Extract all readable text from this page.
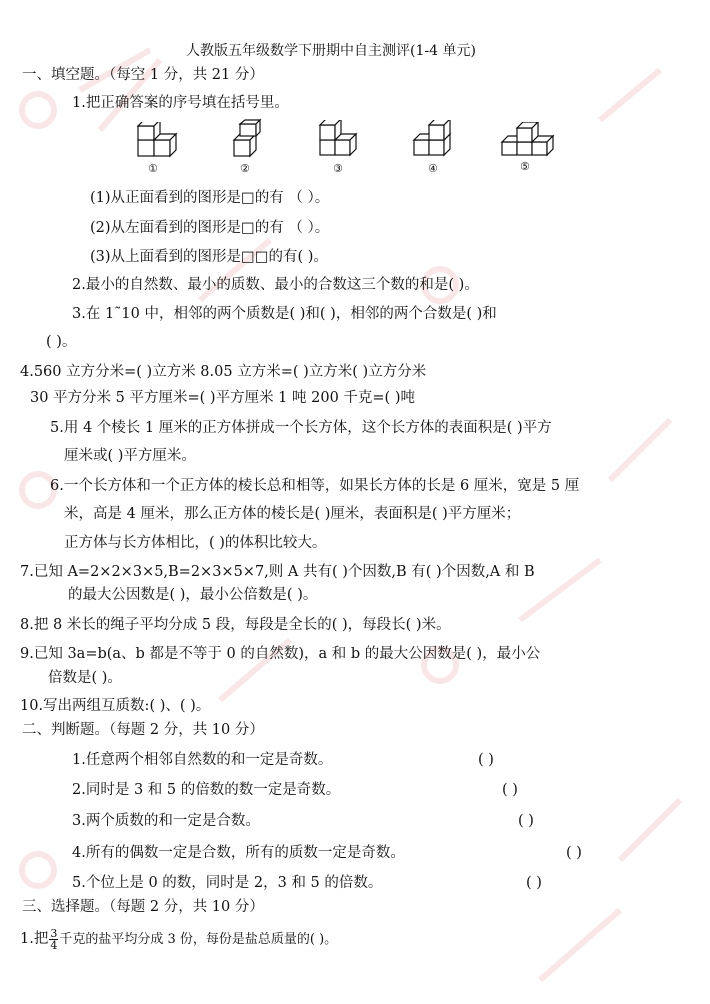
人教版五年级数学下册期中自主测评(1-4 单元)
一、填空题。（每空 1 分，共 21 分）
1.把正确答案的序号填在括号里。
①	②	③	④	⑤
(1)从正面看到的图形是□的有 （ ）。
(2)从左面看到的图形是□的有 （ ）。
(3)从上面看到的图形是□□的有( )。
2.最小的自然数、最小的质数、最小的合数这三个数的和是( )。
3.在 1˜10 中，相邻的两个质数是( )和( )，相邻的两个合数是( )和
( )。
4.560 立方分米=( )立方米 8.05 立方米=( )立方米( )立方分米
30 平方分米 5 平方厘米=( )平方厘米 1 吨 200 千克=( )吨
5.用 4 个棱长 1 厘米的正方体拼成一个长方体，这个长方体的表面积是( )平方
厘米或( )平方厘米。
6.一个长方体和一个正方体的棱长总和相等，如果长方体的长是 6 厘米，宽是 5 厘
米，高是 4 厘米，那么正方体的棱长是( )厘米，表面积是( )平方厘米；
正方体与长方体相比，( )的体积比较大。
7.已知 A=2×2×3×5,B=2×3×5×7,则 A 共有( )个因数,B 有( )个因数,A 和 B
的最大公因数是( )，最小公倍数是( )。
8.把 8 米长的绳子平均分成 5 段，每段是全长的( )，每段长( )米。
9.已知 3a=b(a、b 都是不等于 0 的自然数)，a 和 b 的最大公因数是( )，最小公
倍数是( )。
10.写出两组互质数:( )、( )。
二、判断题。（每题 2 分，共 10 分）
1.任意两个相邻自然数的和一定是奇数。	( )
2.同时是 3 和 5 的倍数的数一定是奇数。	( )
3.两个质数的和一定是合数。	( )
4.所有的偶数一定是合数，所有的质数一定是奇数。	( )
5.个位上是 0 的数，同时是 2，3 和 5 的倍数。	( )
三、选择题。（每题 2 分，共 10 分）
1.把 $\frac{3}{4}$ 千克的盐平均分成 3 份，每份是盐总质量的( )。
